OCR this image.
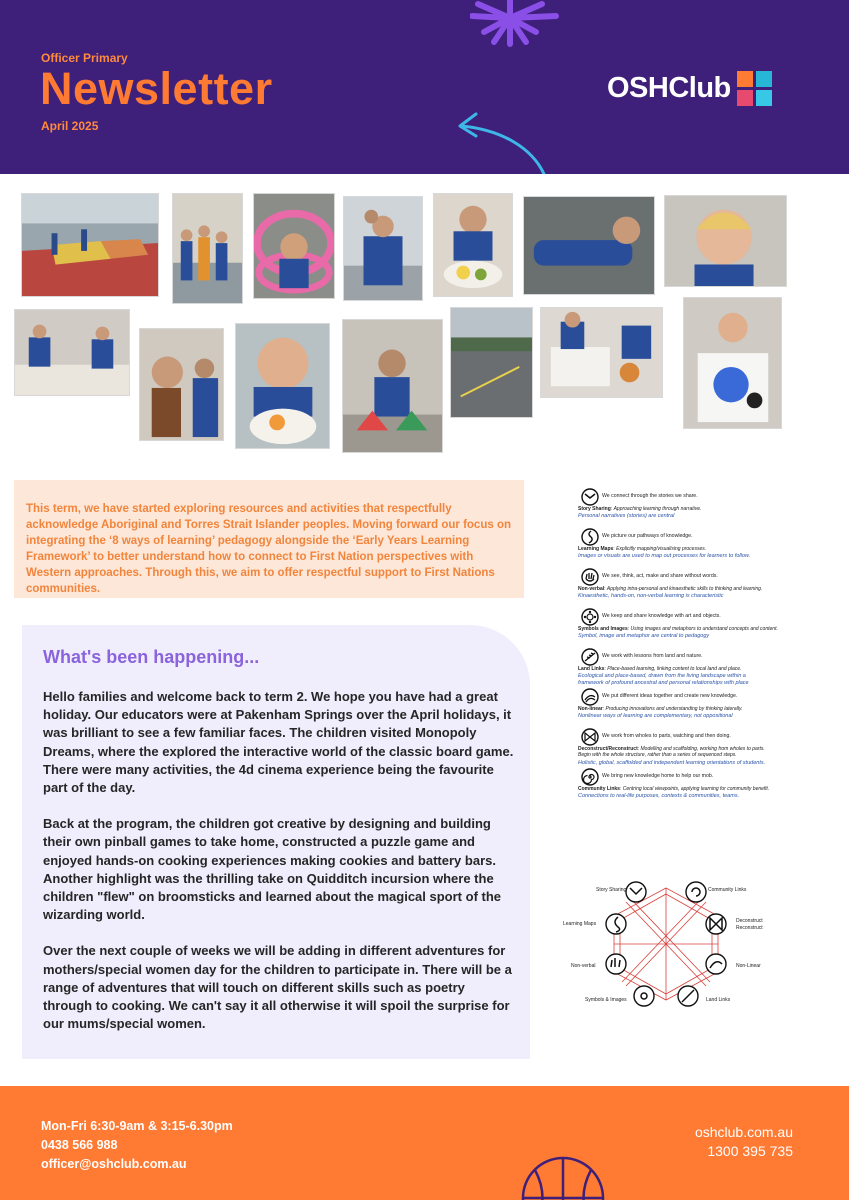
Officer Primary
Newsletter
April 2025
OSHClub

This term, we have started exploring resources and activities that respectfully acknowledge Aboriginal and Torres Strait Islander peoples. Moving forward our focus on integrating the ‘8 ways of learning’ pedagogy alongside the ‘Early Years Learning Framework’ to better understand how to connect to First Nation perspectives with Western approaches. Through this, we aim to offer respectful support to First Nations communities.

What's been happening...

Hello families and welcome back to term 2. We hope you have had a great holiday. Our educators were at Pakenham Springs over the April holidays, it was brilliant to see a few familiar faces. The children visited Monopoly Dreams, where the explored the interactive world of the classic board game. There were many activities, the 4d cinema experience being the favourite part of the day.

Back at the program, the children got creative by designing and building their own pinball games to take home, constructed a puzzle game and enjoyed hands-on cooking experiences making cookies and battery bars. Another highlight was the thrilling take on Quidditch incursion where the children "flew" on broomsticks and learned about the magical sport of the wizarding world.

Over the next couple of weeks we will be adding in different adventures for mothers/special women day for the children to participate in. There will be a range of adventures that will touch on different skills such as poetry through to cooking. We can't say it all otherwise it will spoil the surprise for our mums/special women.

We connect through the stories we share.
Story Sharing: Approaching learning through narrative.
Personal narratives (stories) are central
We picture our pathways of knowledge.
Learning Maps: Explicitly mapping/visualising processes.
Images or visuals are used to map out processes for learners to follow.
We see, think, act, make and share without words.
Non-verbal: Applying intra-personal and kinaesthetic skills to thinking and learning.
Kinaesthetic, hands-on, non-verbal learning is characteristic
We keep and share knowledge with art and objects.
Symbols and Images: Using images and metaphors to understand concepts and content.
Symbol, image and metaphor are central to pedagogy
We work with lessons from land and nature.
Land Links: Place-based learning, linking content to local land and place.
Ecological and place-based, drawn from the living landscape within a
framework of profound ancestral and personal relationships with place
We put different ideas together and create new knowledge.
Non-linear: Producing innovations and understanding by thinking laterally.
Nonlinear ways of learning are complementary, not oppositional
We work from wholes to parts, watching and then doing.
Deconstruct/Reconstruct: Modelling and scaffolding, working from wholes to parts.
Begin with the whole structure, rather than a series of sequenced steps.
Holistic, global, scaffolded and independent learning orientations of students.
We bring new knowledge home to help our mob.
Community Links: Centring local viewpoints, applying learning for community benefit.
Connections to real-life purposes, contexts & communities, teams.
Story Sharing	Community Links
Learning Maps	Deconstruct
Reconstruct
Non-verbal	Non-Linear
Symbols & Images	Land Links
Mon-Fri 6:30-9am & 3:15-6.30pm
0438 566 988
officer@oshclub.com.au
oshclub.com.au
1300 395 735
